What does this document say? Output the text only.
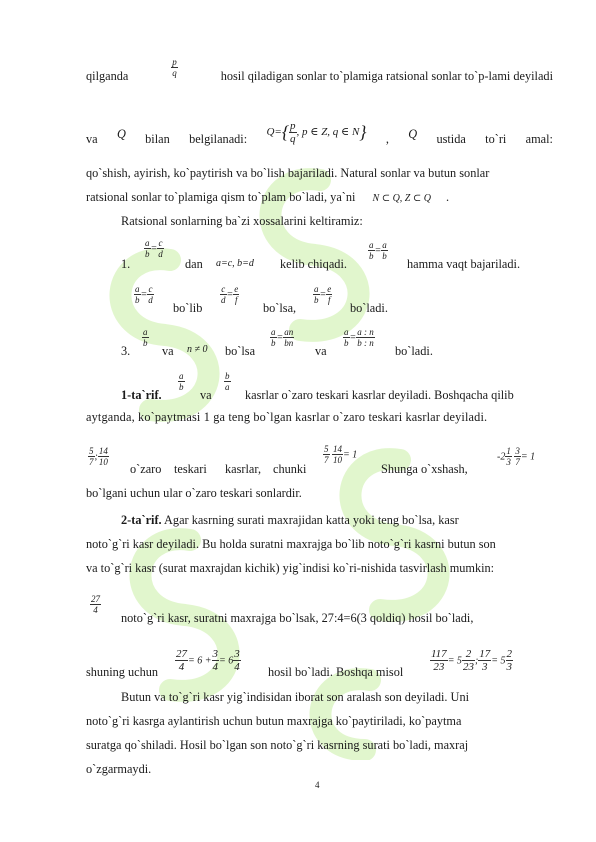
qilganda	$\frac{p}{q}$	hosil qiladigan sonlar to`plamiga ratsional sonlar to`p-lami deyiladi
va Q bilan belgilanadi: $Q=\{ \frac{p}{q}$ , p ∈ Z, q ∈ N} , Q ustida to`ri amal:
qo`shish, ayirish, ko`paytirish va bo`lish bajariladi. Natural sonlar va butun sonlar
ratsional sonlar to`plamiga qism to`plam bo`ladi, ya`ni N ⊂ Q, Z ⊂ Q .
Ratsional sonlarning ba`zi xossalarini keltiramiz:
1.
$\frac{a}{b} = \frac{c}{d}$
dan a=c, b=d kelib chiqadi.
$\frac{a}{b} = \frac{a}{b}$
hamma vaqt bajariladi.
$\frac{a}{b} = \frac{c}{d}$
bo`lib
$\frac{c}{d} = \frac{e}{f}$
bo`lsa,
$\frac{a}{b} = \frac{e}{f}$
bo`ladi.
3.
$\frac{a}{b}$
va n ≠ 0 bo`lsa
$\frac{a}{b} = \frac{an}{bn}$
va
$\frac{a}{b} = \frac{a : n}{b : n}$
bo`ladi.
1-ta`rif.
$\frac{a}{b}$
va
$\frac{b}{a}$
kasrlar o`zaro teskari kasrlar deyiladi. Boshqacha qilib
aytganda, ko`paytmasi 1 ga teng bo`lgan kasrlar o`zaro teskari kasrlar deyiladi.
$\frac{5}{7}$ ; $\frac{14}{10}$
o`zaro teskari kasrlar, chunki
$\frac{5}{7}$
$\frac{14}{10} = 1$
Shunga o`xshash,
$-2 \frac{1}{3}$
$\frac{3}{7} = 1$
bo`lgani uchun ular o`zaro teskari sonlardir.
2-ta`rif. Agar kasrning surati maxrajidan katta yoki teng bo`lsa, kasr
noto`g`ri kasr deyiladi. Bu holda suratni maxrajga bo`lib noto`g`ri kasrni butun son
va to`g`ri kasr (surat maxrajdan kichik) yig`indisi ko`ri-nishida tasvirlash mumkin:
$\frac{27}{4}$
noto`g`ri kasr, suratni maxrajga bo`lsak, 27:4=6(3 qoldiq) hosil bo`ladi,
shuning uchun $\frac{27}{4} = 6 + \frac{3}{4} = 6 \frac{3}{4}$ hosil bo`ladi. Boshqa misol $\frac{117}{23} = 5 \frac{2}{23}$ ; $\frac{17}{3} = 5 \frac{2}{3}$
Butun va to`g`ri kasr yig`indisidan iborat son aralash son deyiladi. Uni
noto`g`ri kasrga aylantirish uchun butun maxrajga ko`paytiriladi, ko`paytma
suratga qo`shiladi. Hosil bo`lgan son noto`g`ri kasrning surati bo`ladi, maxraj
o`zgarmaydi.
4
